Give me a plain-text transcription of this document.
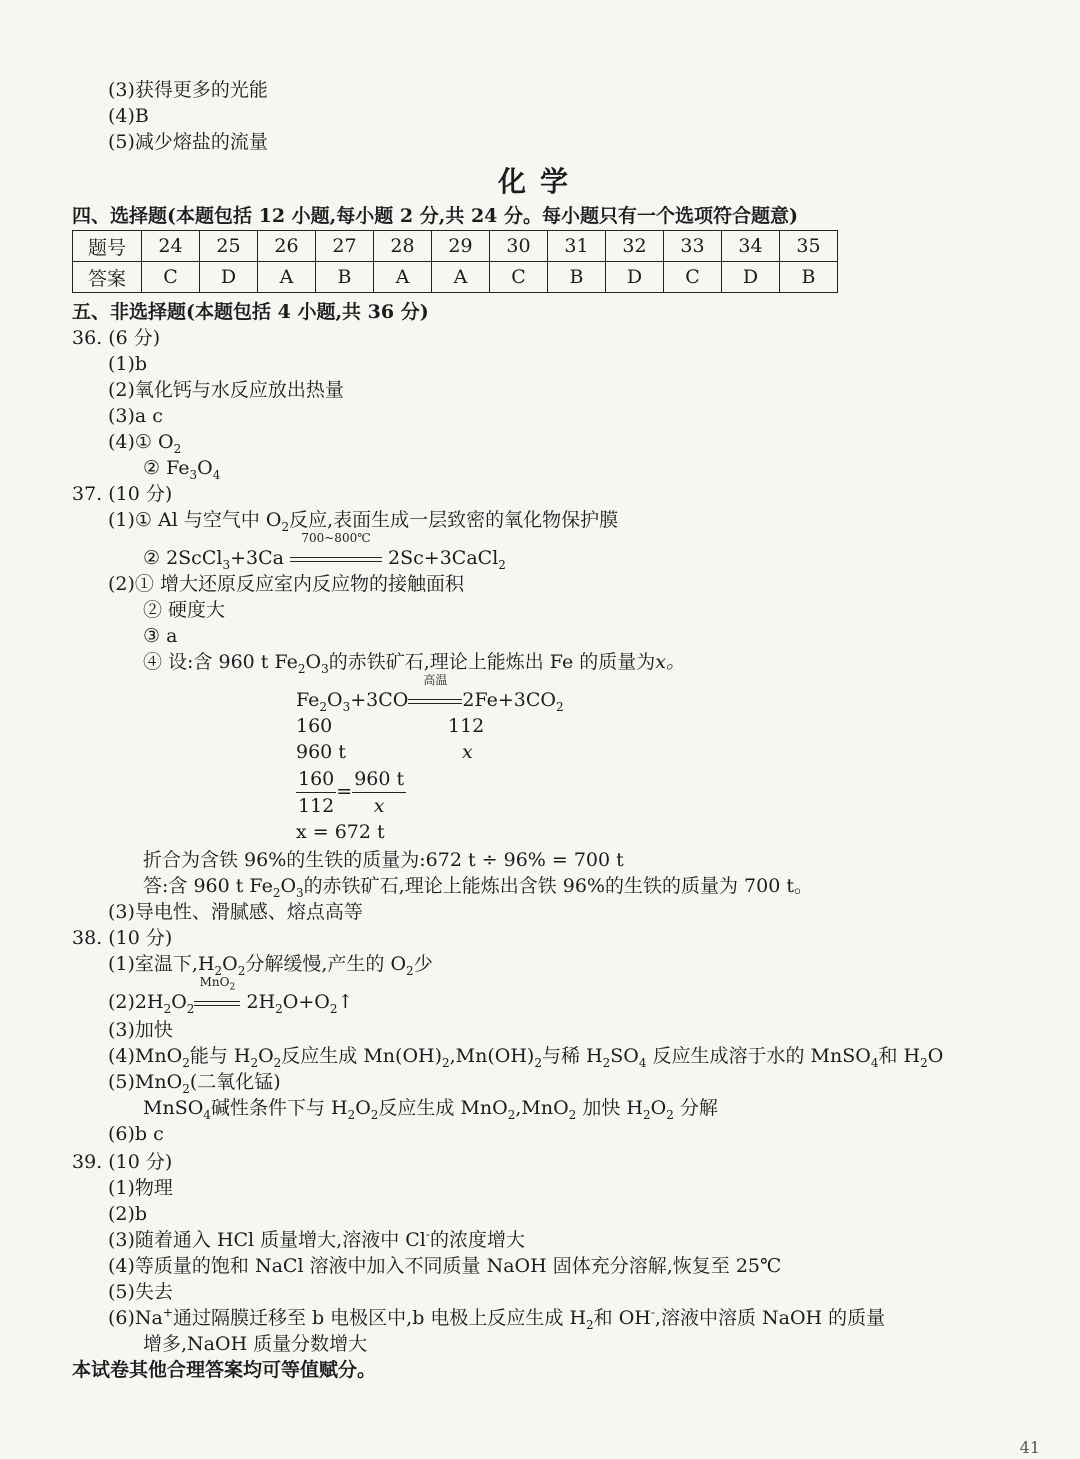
(3)获得更多的光能
(4)B
(5)减少熔盐的流量
化学
四、选择题(本题包括 12 小题,每小题 2 分,共 24 分。每小题只有一个选项符合题意)
题号	24	25	26	27	28	29	30	31	32	33	34	35
答案	C	D	A	B	A	A	C	B	D	C	D	B
五、非选择题(本题包括 4 小题,共 36 分)
36. (6 分)
(1)b
(2)氧化钙与水反应放出热量
(3)a c
(4)① $O_2$
② $Fe_3O_4$
37. (10 分)
(1)① Al 与空气中 $O_2$反应,表面生成一层致密的氧化物保护膜
② 2ScCl$_3$+3Ca
700~800℃
2Sc+3CaCl$_2$
(2)① 增大还原反应室内反应物的接触面积
② 硬度大
③ a
④ 设:含 960 t $Fe_2O_3$的赤铁矿石,理论上能炼出 Fe 的质量为x。
$Fe_2O_3+3CO$
高温
$2Fe+3CO_2$
160	112
960 t	x
$\frac{160}{112} = \frac{960 t}{x}$
x = 672 t
折合为含铁 96%的生铁的质量为:672 t ÷ 96% = 700 t
答:含 960 t $Fe_2O_3$的赤铁矿石,理论上能炼出含铁 96%的生铁的质量为 700 t。
(3)导电性、滑腻感、熔点高等
38. (10 分)
(1)室温下$,H_2O_2$分解缓慢,产生的 $O_2$少
$(2)2H_2O_2$
MnO$_2$
$2H_2O+O_2↑$
(3)加快
(4)MnO$_2$能与 $H_2O_2$反应生成 $Mn(OH)_2,Mn(OH)_2$与稀 $H_2SO_4$ 反应生成溶于水的 MnSO$_4$和 $H_2O$
(5)MnO$_2$(二氧化锰)
MnSO$_4$碱性条件下与 $H_2O_2$反应生成 MnO$_2$,MnO$_2$ 加快 $H_2O_2$ 分解
(6)b c
39. (10 分)
(1)物理
(2)b
(3)随着通入 HCl 质量增大,溶液中 Cl-的浓度增大
(4)等质量的饱和 NaCl 溶液中加入不同质量 NaOH 固体充分溶解,恢复至 25℃
(5)失去
(6)Na+通过隔膜迁移至 b 电极区中,b 电极上反应生成 $H_2$和 OH-,溶液中溶质 NaOH 的质量
增多,NaOH 质量分数增大
本试卷其他合理答案均可等值赋分。
41
